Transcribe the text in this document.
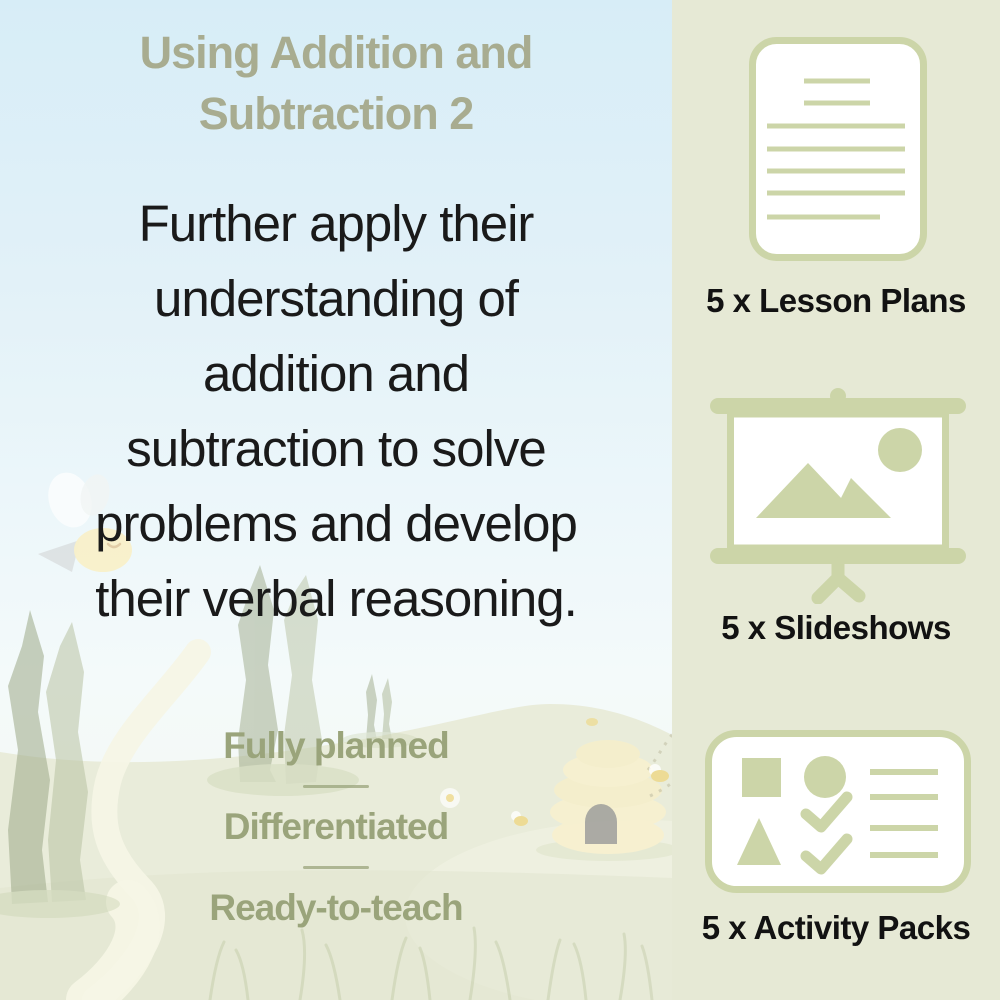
Using Addition and
Subtraction 2
Further apply their
understanding of
addition and
subtraction to solve
problems and develop
their verbal reasoning.
Fully planned
Differentiated
Ready-to-teach
5 x Lesson Plans
5 x Slideshows
5 x Activity Packs
